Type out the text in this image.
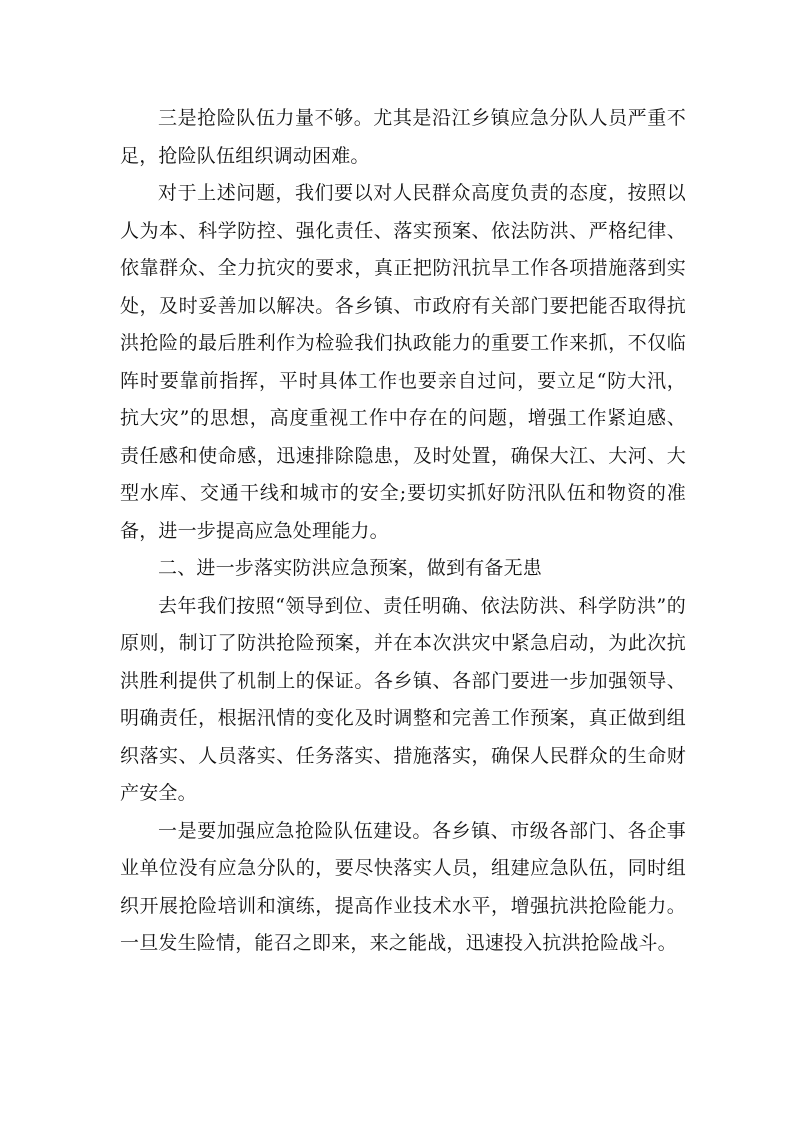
三是抢险队伍力量不够。尤其是沿江乡镇应急分队人员严重不足，抢险队伍组织调动困难。

对于上述问题，我们要以对人民群众高度负责的态度，按照以人为本、科学防控、强化责任、落实预案、依法防洪、严格纪律、依靠群众、全力抗灾的要求，真正把防汛抗旱工作各项措施落到实处，及时妥善加以解决。各乡镇、市政府有关部门要把能否取得抗洪抢险的最后胜利作为检验我们执政能力的重要工作来抓，不仅临阵时要靠前指挥，平时具体工作也要亲自过问，要立足“防大汛，抗大灾”的思想，高度重视工作中存在的问题，增强工作紧迫感、责任感和使命感，迅速排除隐患，及时处置，确保大江、大河、大型水库、交通干线和城市的安全;要切实抓好防汛队伍和物资的准备，进一步提高应急处理能力。

二、进一步落实防洪应急预案，做到有备无患

去年我们按照“领导到位、责任明确、依法防洪、科学防洪”的原则，制订了防洪抢险预案，并在本次洪灾中紧急启动，为此次抗洪胜利提供了机制上的保证。各乡镇、各部门要进一步加强领导、明确责任，根据汛情的变化及时调整和完善工作预案，真正做到组织落实、人员落实、任务落实、措施落实，确保人民群众的生命财产安全。

一是要加强应急抢险队伍建设。各乡镇、市级各部门、各企事业单位没有应急分队的，要尽快落实人员，组建应急队伍，同时组织开展抢险培训和演练，提高作业技术水平，增强抗洪抢险能力。一旦发生险情，能召之即来，来之能战，迅速投入抗洪抢险战斗。
